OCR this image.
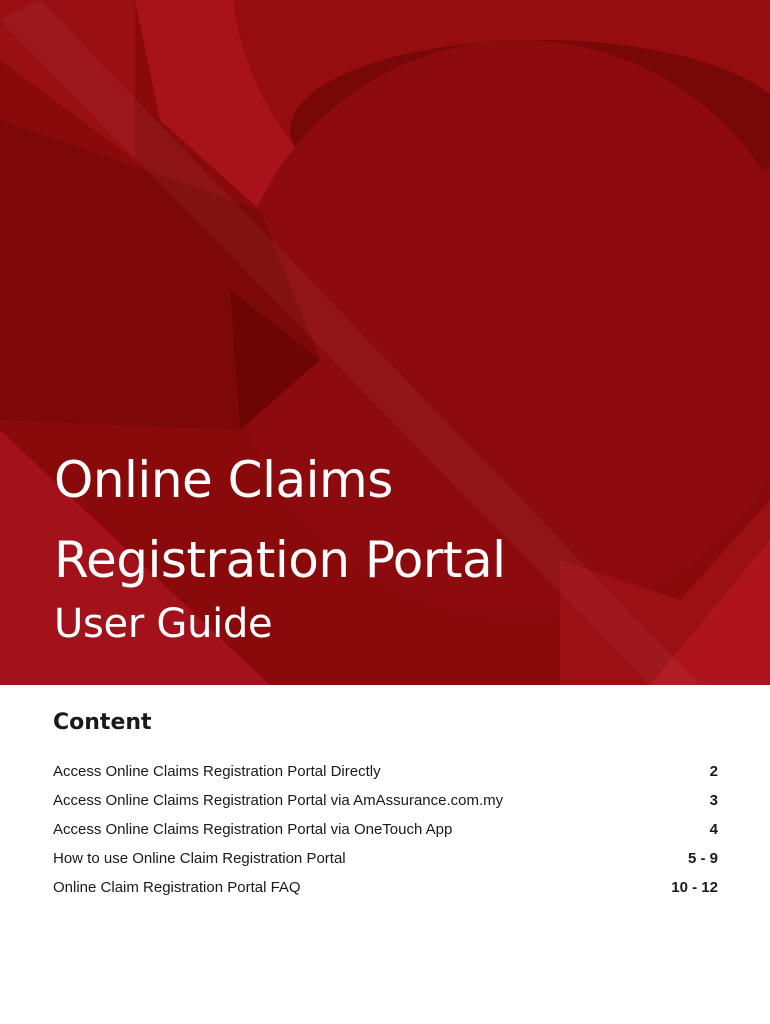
Online Claims
Registration Portal
User Guide
Content
Access Online Claims Registration Portal Directly	2
Access Online Claims Registration Portal via AmAssurance.com.my	3
Access Online Claims Registration Portal via OneTouch App	4
How to use Online Claim Registration Portal	5 - 9
Online Claim Registration Portal FAQ	10 - 12
